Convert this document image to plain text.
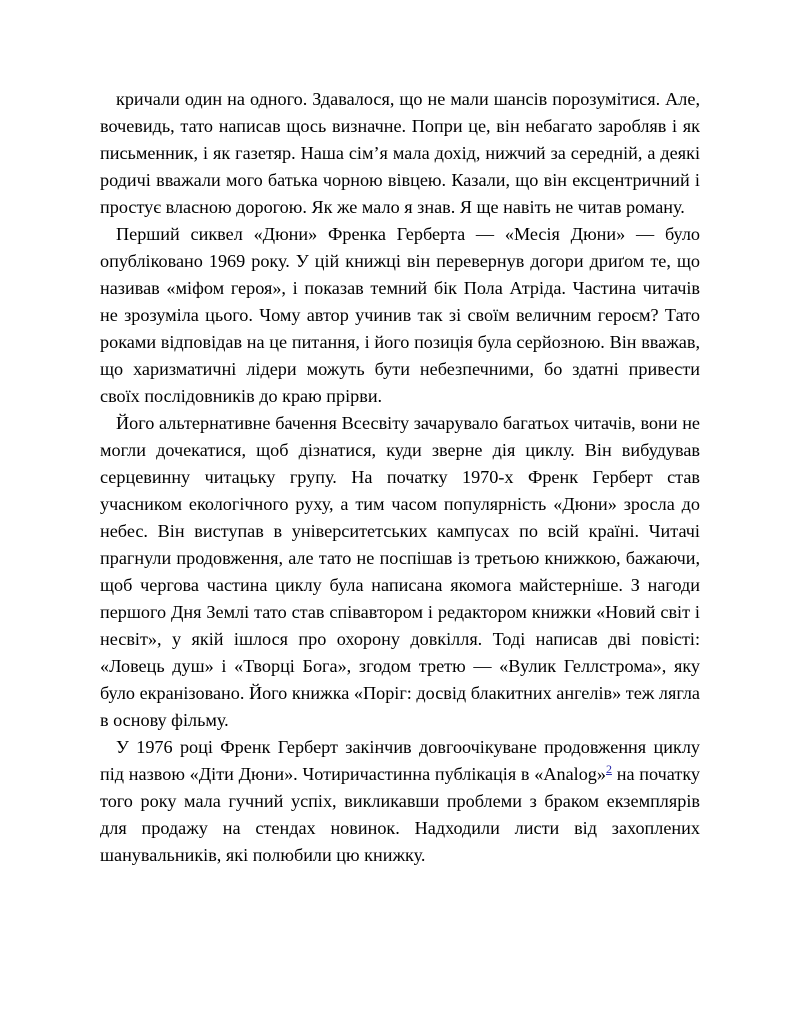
кричали один на одного. Здавалося, що не мали шансів порозумітися. Але, вочевидь, тато написав щось визначне. Попри це, він небагато заробляв і як письменник, і як газетяр. Наша сім’я мала дохід, нижчий за середній, а деякі родичі вважали мого батька чорною вівцею. Казали, що він ексцентричний і простує власною дорогою. Як же мало я знав. Я ще навіть не читав роману.

Перший сиквел «Дюни» Френка Герберта — «Месія Дюни» — було опубліковано 1969 року. У цій книжці він перевернув догори дриґом те, що називав «міфом героя», і показав темний бік Пола Атріда. Частина читачів не зрозуміла цього. Чому автор учинив так зі своїм величним героєм? Тато роками відповідав на це питання, і його позиція була серйозною. Він вважав, що харизматичні лідери можуть бути небезпечними, бо здатні привести своїх послідовників до краю прірви.

Його альтернативне бачення Всесвіту зачарувало багатьох читачів, вони не могли дочекатися, щоб дізнатися, куди зверне дія циклу. Він вибудував серцевинну читацьку групу. На початку 1970-х Френк Герберт став учасником екологічного руху, а тим часом популярність «Дюни» зросла до небес. Він виступав в університетських кампусах по всій країні. Читачі прагнули продовження, але тато не поспішав із третьою книжкою, бажаючи, щоб чергова частина циклу була написана якомога майстерніше. З нагоди першого Дня Землі тато став співавтором і редактором книжки «Новий світ і несвіт», у якій ішлося про охорону довкілля. Тоді написав дві повісті: «Ловець душ» і «Творці Бога», згодом третю — «Вулик Геллстрома», яку було екранізовано. Його книжка «Поріг: досвід блакитних ангелів» теж лягла в основу фільму.

У 1976 році Френк Герберт закінчив довгоочікуване продовження циклу під назвою «Діти Дюни». Чотиричастинна публікація в «Analog»$^2$ на початку того року мала гучний успіх, викликавши проблеми з браком екземплярів для продажу на стендах новинок. Надходили листи від захоплених шанувальників, які полюбили цю книжку.
